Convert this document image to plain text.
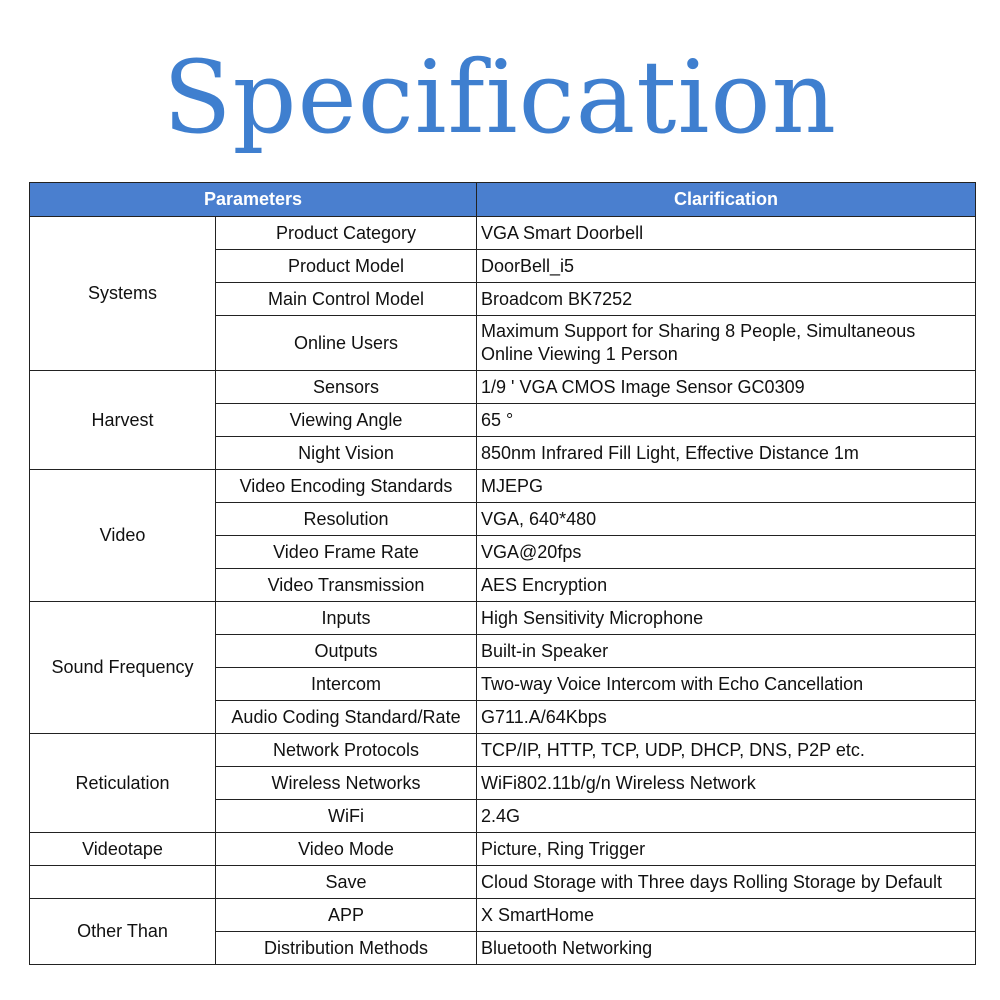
Specification
Parameters		Clarification
Systems	Product Category	VGA Smart Doorbell
	Product Model	DoorBell_i5
	Main Control Model	Broadcom BK7252
	Online Users	Maximum Support for Sharing 8 People, Simultaneous Online Viewing 1 Person
Harvest	Sensors	1/9 ' VGA CMOS Image Sensor GC0309
	Viewing Angle	65 °
	Night Vision	850nm Infrared Fill Light, Effective Distance 1m
Video	Video Encoding Standards	MJEPG
	Resolution	VGA, 640*480
	Video Frame Rate	VGA@20fps
	Video Transmission	AES Encryption
Sound Frequency	Inputs	High Sensitivity Microphone
	Outputs	Built-in Speaker
	Intercom	Two-way Voice Intercom with Echo Cancellation
	Audio Coding Standard/Rate	G711.A/64Kbps
Reticulation	Network Protocols	TCP/IP, HTTP, TCP, UDP, DHCP, DNS, P2P etc.
	Wireless Networks	WiFi802.11b/g/n Wireless Network
	WiFi	2.4G
Videotape	Video Mode	Picture, Ring Trigger
	Save	Cloud Storage with Three days Rolling Storage by Default
Other Than	APP	X SmartHome
	Distribution Methods	Bluetooth Networking
